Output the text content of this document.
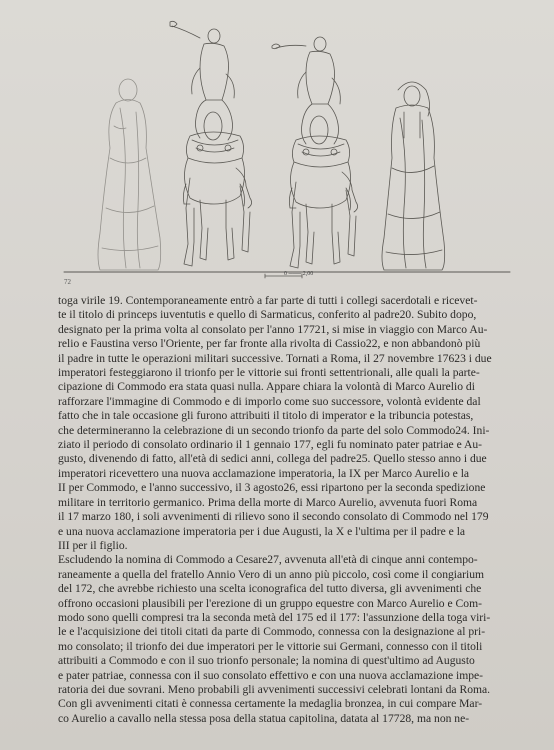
0 ─── 2,00
72

toga virile 19. Contemporaneamente entrò a far parte di tutti i collegi sacerdotali e ricevet-
te il titolo di princeps iuventutis e quello di Sarmaticus, conferito al padre20. Subito dopo,
designato per la prima volta al consolato per l'anno 17721, si mise in viaggio con Marco Au-
relio e Faustina verso l'Oriente, per far fronte alla rivolta di Cassio22, e non abbandonò più
il padre in tutte le operazioni militari successive. Tornati a Roma, il 27 novembre 17623 i due
imperatori festeggiarono il trionfo per le vittorie sui fronti settentrionali, alle quali la parte-
cipazione di Commodo era stata quasi nulla. Appare chiara la volontà di Marco Aurelio di
rafforzare l'immagine di Commodo e di imporlo come suo successore, volontà evidente dal
fatto che in tale occasione gli furono attribuiti il titolo di imperator e la tribuncia potestas,
che determineranno la celebrazione di un secondo trionfo da parte del solo Commodo24. Ini-
ziato il periodo di consolato ordinario il 1 gennaio 177, egli fu nominato pater patriae e Au-
gusto, divenendo di fatto, all'età di sedici anni, collega del padre25. Quello stesso anno i due
imperatori ricevettero una nuova acclamazione imperatoria, la IX per Marco Aurelio e la
II per Commodo, e l'anno successivo, il 3 agosto26, essi ripartono per la seconda spedizione
militare in territorio germanico. Prima della morte di Marco Aurelio, avvenuta fuori Roma
il 17 marzo 180, i soli avvenimenti di rilievo sono il secondo consolato di Commodo nel 179
e una nuova acclamazione imperatoria per i due Augusti, la X e l'ultima per il padre e la
III per il figlio.

Escludendo la nomina di Commodo a Cesare27, avvenuta all'età di cinque anni contempo-
raneamente a quella del fratello Annio Vero di un anno più piccolo, così come il congiarium
del 172, che avrebbe richiesto una scelta iconografica del tutto diversa, gli avvenimenti che
offrono occasioni plausibili per l'erezione di un gruppo equestre con Marco Aurelio e Com-
modo sono quelli compresi tra la seconda metà del 175 ed il 177: l'assunzione della toga viri-
le e l'acquisizione dei titoli citati da parte di Commodo, connessa con la designazione al pri-
mo consolato; il trionfo dei due imperatori per le vittorie sui Germani, connesso con il titoli
attribuiti a Commodo e con il suo trionfo personale; la nomina di quest'ultimo ad Augusto
e pater patriae, connessa con il suo consolato effettivo e con una nuova acclamazione impe-
ratoria dei due sovrani. Meno probabili gli avvenimenti successivi celebrati lontani da Roma.
Con gli avvenimenti citati è connessa certamente la medaglia bronzea, in cui compare Mar-
co Aurelio a cavallo nella stessa posa della statua capitolina, datata al 17728, ma non ne-
